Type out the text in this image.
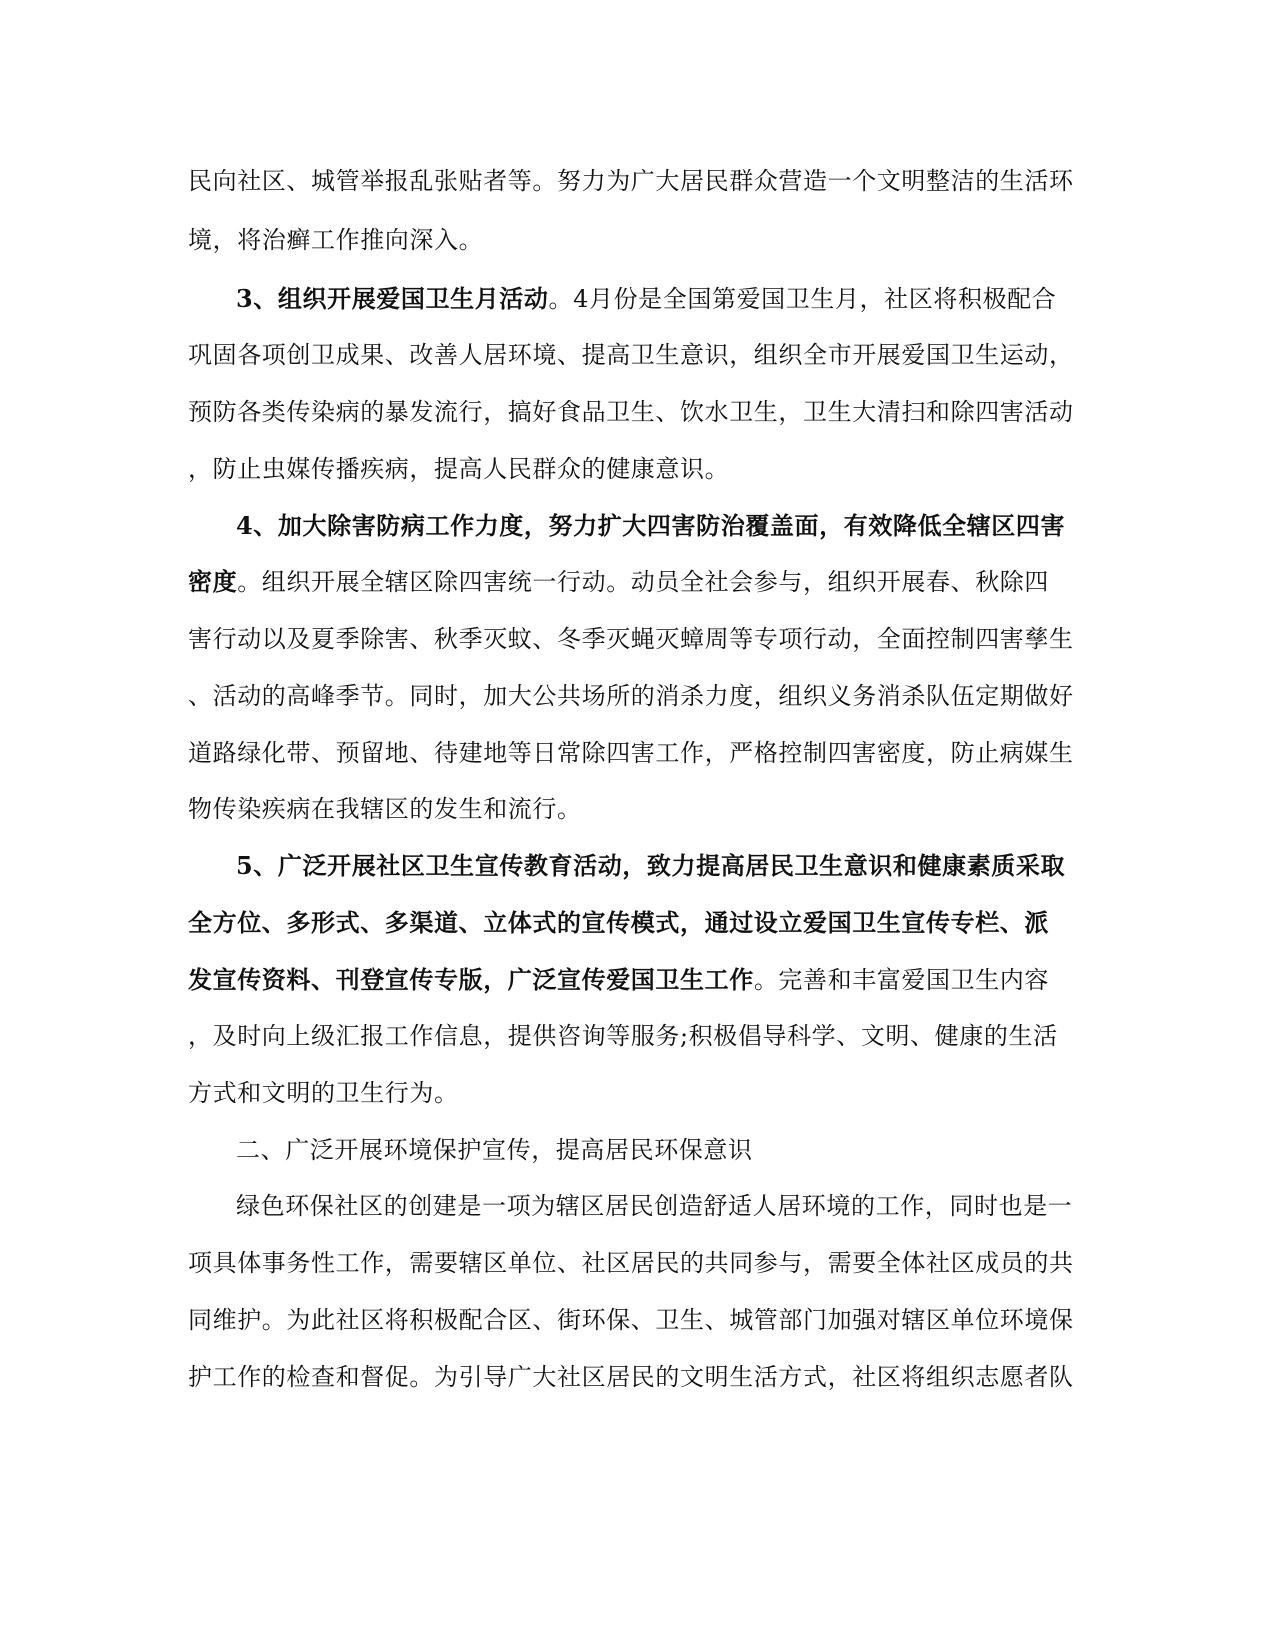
民向社区、城管举报乱张贴者等。努力为广大居民群众营造一个文明整洁的生活环
境，将治癣工作推向深入。
3、组织开展爱国卫生月活动。4月份是全国第爱国卫生月，社区将积极配合
巩固各项创卫成果、改善人居环境、提高卫生意识，组织全市开展爱国卫生运动，
预防各类传染病的暴发流行，搞好食品卫生、饮水卫生，卫生大清扫和除四害活动
，防止虫媒传播疾病，提高人民群众的健康意识。
4、加大除害防病工作力度，努力扩大四害防治覆盖面，有效降低全辖区四害
密度。组织开展全辖区除四害统一行动。动员全社会参与，组织开展春、秋除四
害行动以及夏季除害、秋季灭蚊、冬季灭蝇灭蟑周等专项行动，全面控制四害孳生
、活动的高峰季节。同时，加大公共场所的消杀力度，组织义务消杀队伍定期做好
道路绿化带、预留地、待建地等日常除四害工作，严格控制四害密度，防止病媒生
物传染疾病在我辖区的发生和流行。
5、广泛开展社区卫生宣传教育活动，致力提高居民卫生意识和健康素质采取
全方位、多形式、多渠道、立体式的宣传模式，通过设立爱国卫生宣传专栏、派
发宣传资料、刊登宣传专版，广泛宣传爱国卫生工作。完善和丰富爱国卫生内容
，及时向上级汇报工作信息，提供咨询等服务;积极倡导科学、文明、健康的生活
方式和文明的卫生行为。
二、广泛开展环境保护宣传，提高居民环保意识
绿色环保社区的创建是一项为辖区居民创造舒适人居环境的工作，同时也是一
项具体事务性工作，需要辖区单位、社区居民的共同参与，需要全体社区成员的共
同维护。为此社区将积极配合区、街环保、卫生、城管部门加强对辖区单位环境保
护工作的检查和督促。为引导广大社区居民的文明生活方式，社区将组织志愿者队
